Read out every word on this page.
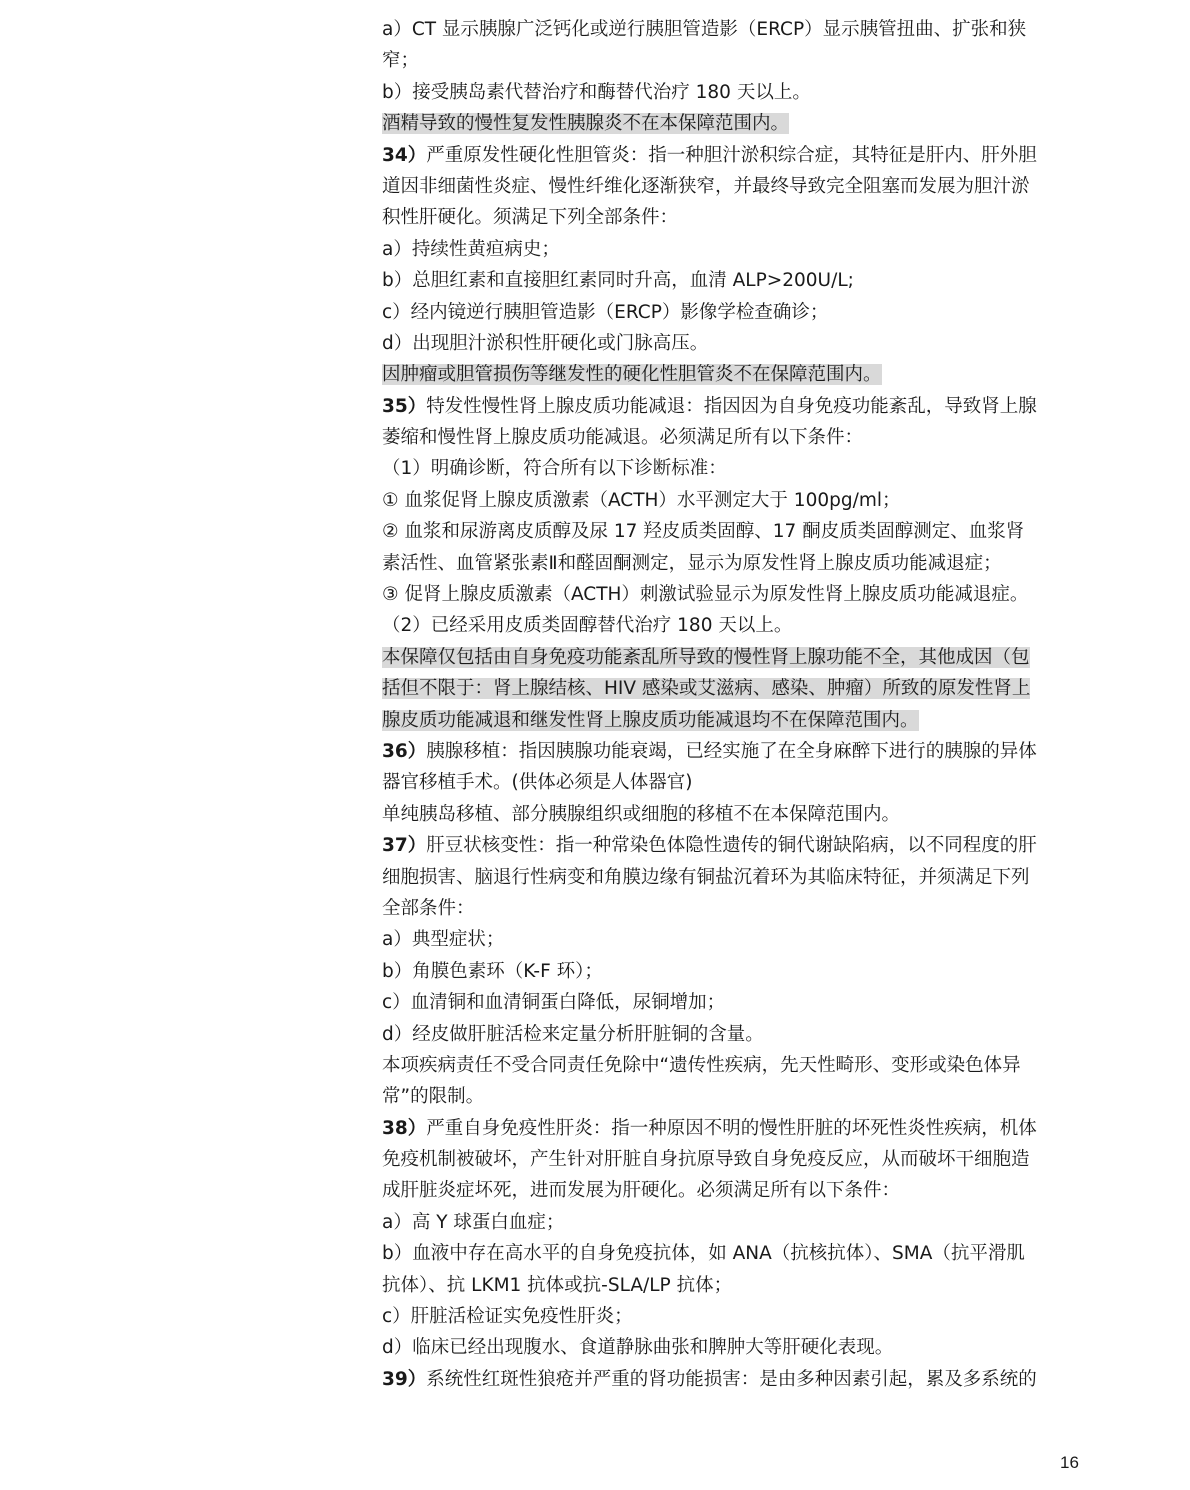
a）CT 显示胰腺广泛钙化或逆行胰胆管造影（ERCP）显示胰管扭曲、扩张和狭
窄；
b）接受胰岛素代替治疗和酶替代治疗 180 天以上。
酒精导致的慢性复发性胰腺炎不在本保障范围内。
34）严重原发性硬化性胆管炎：指一种胆汁淤积综合症，其特征是肝内、肝外胆
道因非细菌性炎症、慢性纤维化逐渐狭窄，并最终导致完全阻塞而发展为胆汁淤
积性肝硬化。须满足下列全部条件：
a）持续性黄疸病史；
b）总胆红素和直接胆红素同时升高，血清 ALP>200U/L;
c）经内镜逆行胰胆管造影（ERCP）影像学检查确诊；
d）出现胆汁淤积性肝硬化或门脉高压。
因肿瘤或胆管损伤等继发性的硬化性胆管炎不在保障范围内。
35）特发性慢性肾上腺皮质功能减退：指因因为自身免疫功能紊乱，导致肾上腺
萎缩和慢性肾上腺皮质功能减退。必须满足所有以下条件：
（1）明确诊断，符合所有以下诊断标准：
① 血浆促肾上腺皮质激素（ACTH）水平测定大于 100pg/ml；
② 血浆和尿游离皮质醇及尿 17 羟皮质类固醇、17 酮皮质类固醇测定、血浆肾
素活性、血管紧张素Ⅱ和醛固酮测定，显示为原发性肾上腺皮质功能减退症；
③ 促肾上腺皮质激素（ACTH）刺激试验显示为原发性肾上腺皮质功能减退症。
（2）已经采用皮质类固醇替代治疗 180 天以上。
本保障仅包括由自身免疫功能紊乱所导致的慢性肾上腺功能不全，其他成因（包
括但不限于：肾上腺结核、HIV 感染或艾滋病、感染、肿瘤）所致的原发性肾上
腺皮质功能减退和继发性肾上腺皮质功能减退均不在保障范围内。
36）胰腺移植：指因胰腺功能衰竭，已经实施了在全身麻醉下进行的胰腺的异体
器官移植手术。(供体必须是人体器官)
单纯胰岛移植、部分胰腺组织或细胞的移植不在本保障范围内。
37）肝豆状核变性：指一种常染色体隐性遗传的铜代谢缺陷病，以不同程度的肝
细胞损害、脑退行性病变和角膜边缘有铜盐沉着环为其临床特征，并须满足下列
全部条件：
a）典型症状；
b）角膜色素环（K-F 环）；
c）血清铜和血清铜蛋白降低，尿铜增加；
d）经皮做肝脏活检来定量分析肝脏铜的含量。
本项疾病责任不受合同责任免除中“遗传性疾病，先天性畸形、变形或染色体异
常”的限制。
38）严重自身免疫性肝炎：指一种原因不明的慢性肝脏的坏死性炎性疾病，机体
免疫机制被破坏，产生针对肝脏自身抗原导致自身免疫反应，从而破坏干细胞造
成肝脏炎症坏死，进而发展为肝硬化。必须满足所有以下条件：
a）高 Y 球蛋白血症；
b）血液中存在高水平的自身免疫抗体，如 ANA（抗核抗体）、SMA（抗平滑肌
抗体）、抗 LKM1 抗体或抗-SLA/LP 抗体；
c）肝脏活检证实免疫性肝炎；
d）临床已经出现腹水、食道静脉曲张和脾肿大等肝硬化表现。
39）系统性红斑性狼疮并严重的肾功能损害：是由多种因素引起，累及多系统的
16
